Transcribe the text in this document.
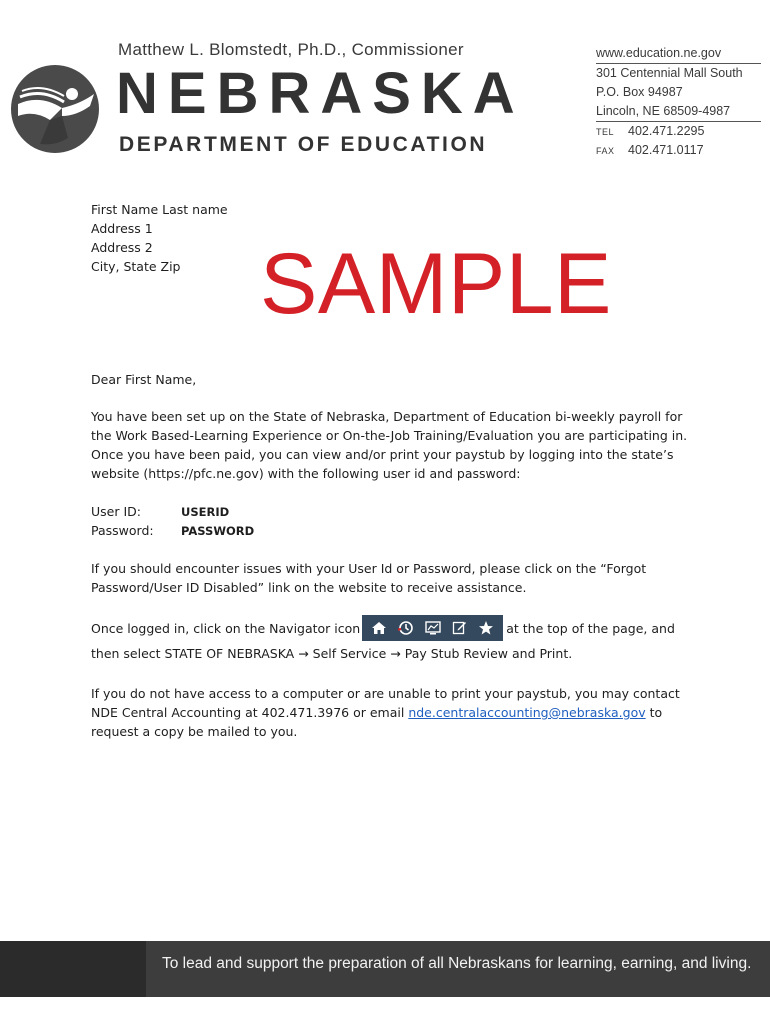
Matthew L. Blomstedt, Ph.D., Commissioner
NEBRASKA
DEPARTMENT OF EDUCATION
www.education.ne.gov
301 Centennial Mall South
P.O. Box 94987
Lincoln, NE 68509-4987
TEL 402.471.2295
FAX 402.471.0117
First Name Last name
Address 1
Address 2
City, State Zip SAMPLE
Dear First Name,

You have been set up on the State of Nebraska, Department of Education bi-weekly payroll for the Work Based-Learning Experience or On-the-Job Training/Evaluation you are participating in. Once you have been paid, you can view and/or print your paystub by logging into the state’s website (https://pfc.ne.gov) with the following user id and password:

User ID:	USERID
Password: PASSWORD

If you should encounter issues with your User Id or Password, please click on the “Forgot Password/User ID Disabled” link on the website to receive assistance.

Once logged in, click on the Navigator icon	at the top of the page, and
then select STATE OF NEBRASKA → Self Service → Pay Stub Review and Print.

If you do not have access to a computer or are unable to print your paystub, you may contact NDE Central Accounting at 402.471.3976 or email nde.centralaccounting@nebraska.gov to request a copy be mailed to you.

To lead and support the preparation of all Nebraskans for learning, earning, and living.
